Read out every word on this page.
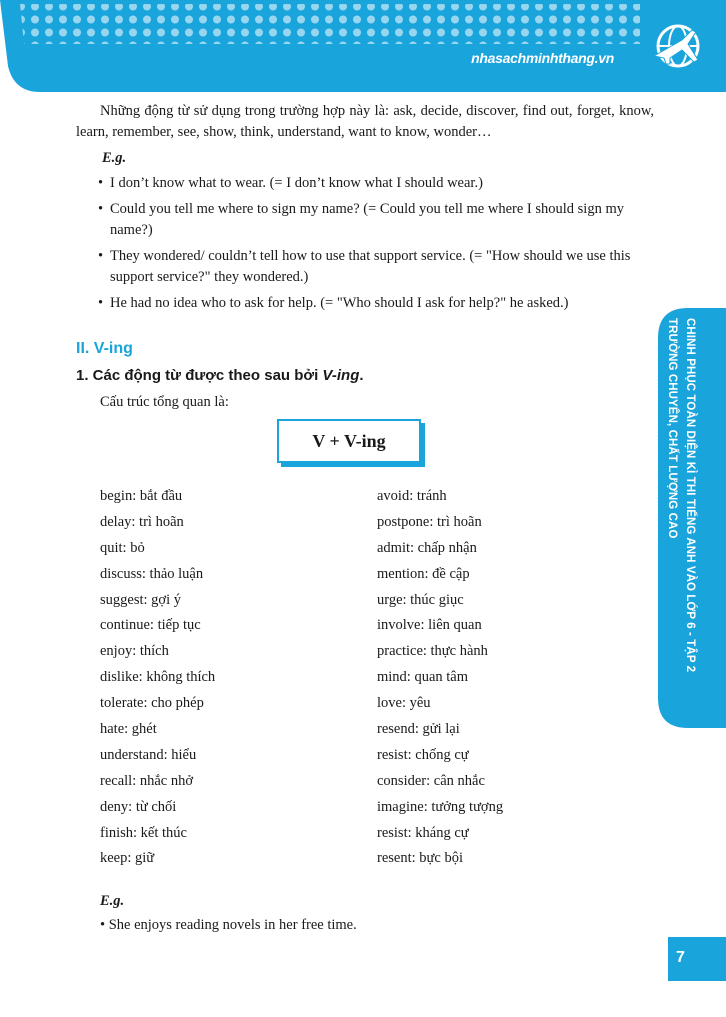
nhasachminhthang.vn
CHINH PHỤC TOÀN DIỆN KÌ THI TIẾNG ANH VÀO LỚP 6 - TẬP 2
TRƯỜNG CHUYÊN, CHẤT LƯỢNG CAO
7

Những động từ sử dụng trong trường hợp này là: ask, decide, discover, find out, forget, know, learn, remember, see, show, think, understand, want to know, wonder…

E.g.
• I don’t know what to wear. (= I don’t know what I should wear.)
• Could you tell me where to sign my name? (= Could you tell me where I should sign my name?)
• They wondered/ couldn’t tell how to use that support service. (= "How should we use this support service?" they wondered.)
• He had no idea who to ask for help. (= "Who should I ask for help?" he asked.)
II. V-ing
1. Các động từ được theo sau bởi V-ing.
Cấu trúc tổng quan là:
V + V-ing
begin: bắt đầu
delay: trì hoãn
quit: bỏ
discuss: thảo luận
suggest: gợi ý
continue: tiếp tục
enjoy: thích
dislike: không thích
tolerate: cho phép
hate: ghét
understand: hiểu
recall: nhắc nhở
deny: từ chối
finish: kết thúc
keep: giữ
avoid: tránh
postpone: trì hoãn
admit: chấp nhận
mention: đề cập
urge: thúc giục
involve: liên quan
practice: thực hành
mind: quan tâm
love: yêu
resend: gửi lại
resist: chống cự
consider: cân nhắc
imagine: tưởng tượng
resist: kháng cự
resent: bực bội
E.g.
• She enjoys reading novels in her free time.
